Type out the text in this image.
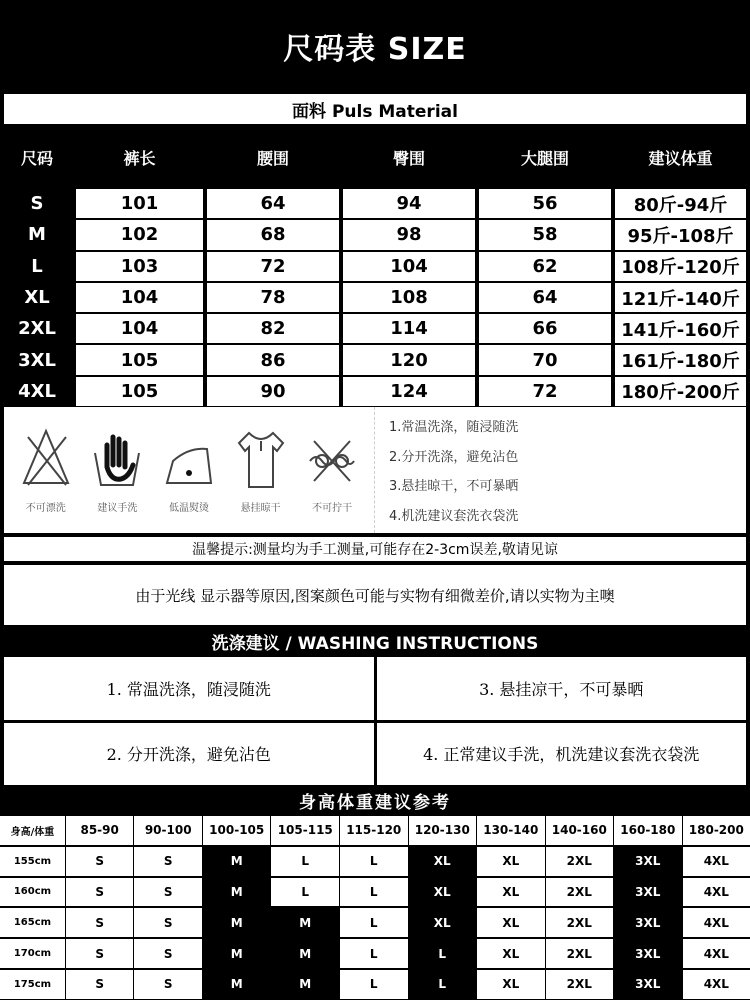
尺码表 SIZE
面料 Puls Material
尺码	裤长	腰围	臀围	大腿围	建议体重
S	101	64	94	56	80斤-94斤
M	102	68	98	58	95斤-108斤
L	103	72	104	62	108斤-120斤
XL	104	78	108	64	121斤-140斤
2XL	104	82	114	66	141斤-160斤
3XL	105	86	120	70	161斤-180斤
4XL	105	90	124	72	180斤-200斤
不可漂洗	建议手洗	低温熨烫	悬挂晾干	不可拧干
1.常温洗涤，随浸随洗
2.分开洗涤，避免沾色
3.悬挂晾干，不可暴晒
4.机洗建议套洗衣袋洗
温馨提示:测量均为手工测量,可能存在2-3cm误差,敬请见谅
由于光线 显示器等原因,图案颜色可能与实物有细微差价,请以实物为主噢
洗涤建议 / WASHING INSTRUCTIONS
1. 常温洗涤，随浸随洗	3. 悬挂凉干，不可暴晒
2. 分开洗涤，避免沾色	4. 正常建议手洗，机洗建议套洗衣袋洗
身高体重建议参考
身高/体重	85-90	90-100	100-105	105-115	115-120	120-130	130-140	140-160	160-180	180-200
155cm	S	S	M	L	L	XL	XL	2XL	3XL	4XL
160cm	S	S	M	L	L	XL	XL	2XL	3XL	4XL
165cm	S	S	M	M	L	XL	XL	2XL	3XL	4XL
170cm	S	S	M	M	L	L	XL	2XL	3XL	4XL
175cm	S	S	M	M	L	L	XL	2XL	3XL	4XL
